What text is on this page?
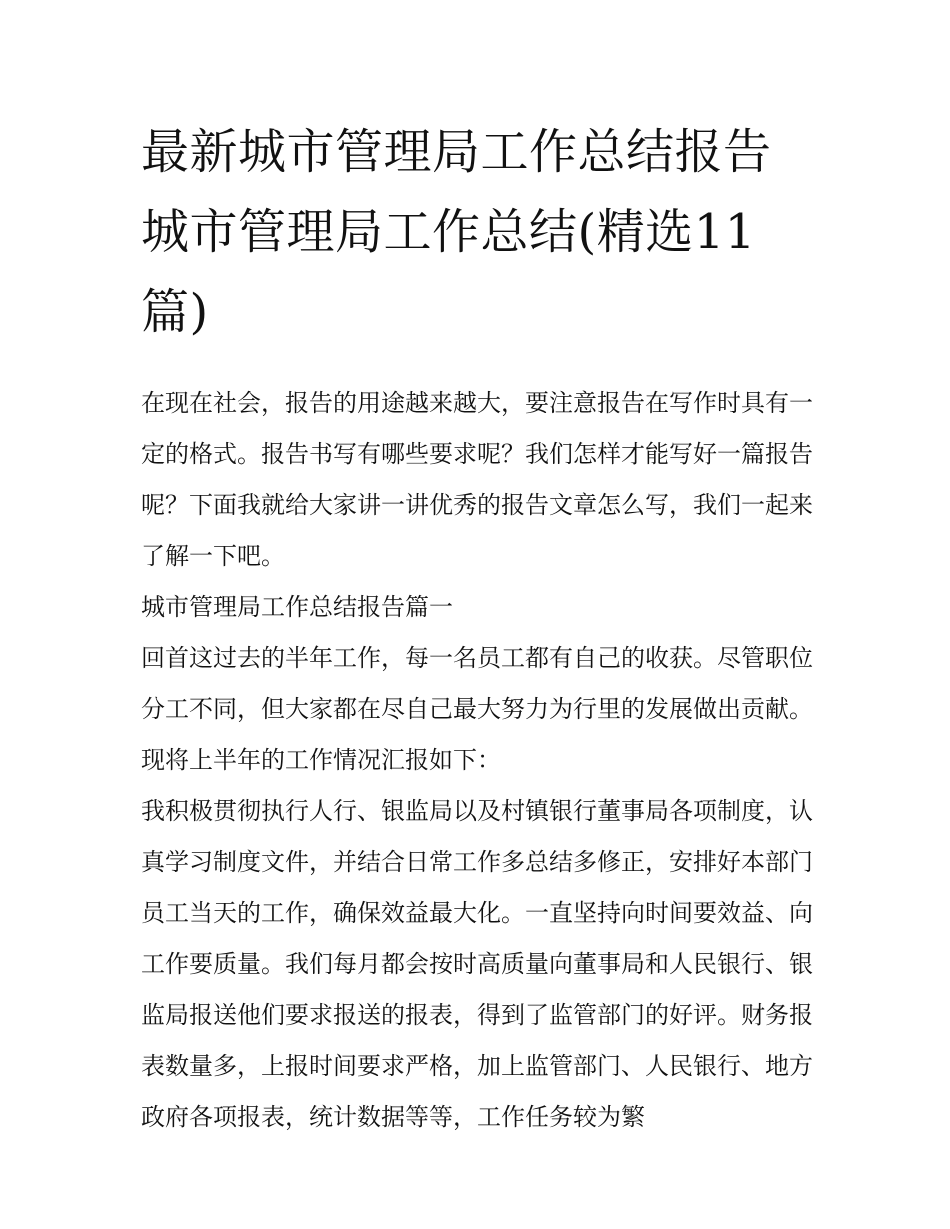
最新城市管理局工作总结报告城市管理局工作总结(精选11篇)

在现在社会，报告的用途越来越大，要注意报告在写作时具有一定的格式。报告书写有哪些要求呢？我们怎样才能写好一篇报告呢？下面我就给大家讲一讲优秀的报告文章怎么写，我们一起来了解一下吧。

城市管理局工作总结报告篇一

回首这过去的半年工作，每一名员工都有自己的收获。尽管职位分工不同，但大家都在尽自己最大努力为行里的发展做出贡献。现将上半年的工作情况汇报如下：

我积极贯彻执行人行、银监局以及村镇银行董事局各项制度，认真学习制度文件，并结合日常工作多总结多修正，安排好本部门员工当天的工作，确保效益最大化。一直坚持向时间要效益、向工作要质量。我们每月都会按时高质量向董事局和人民银行、银监局报送他们要求报送的报表，得到了监管部门的好评。财务报表数量多，上报时间要求严格，加上监管部门、人民银行、地方政府各项报表，统计数据等等，工作任务较为繁
